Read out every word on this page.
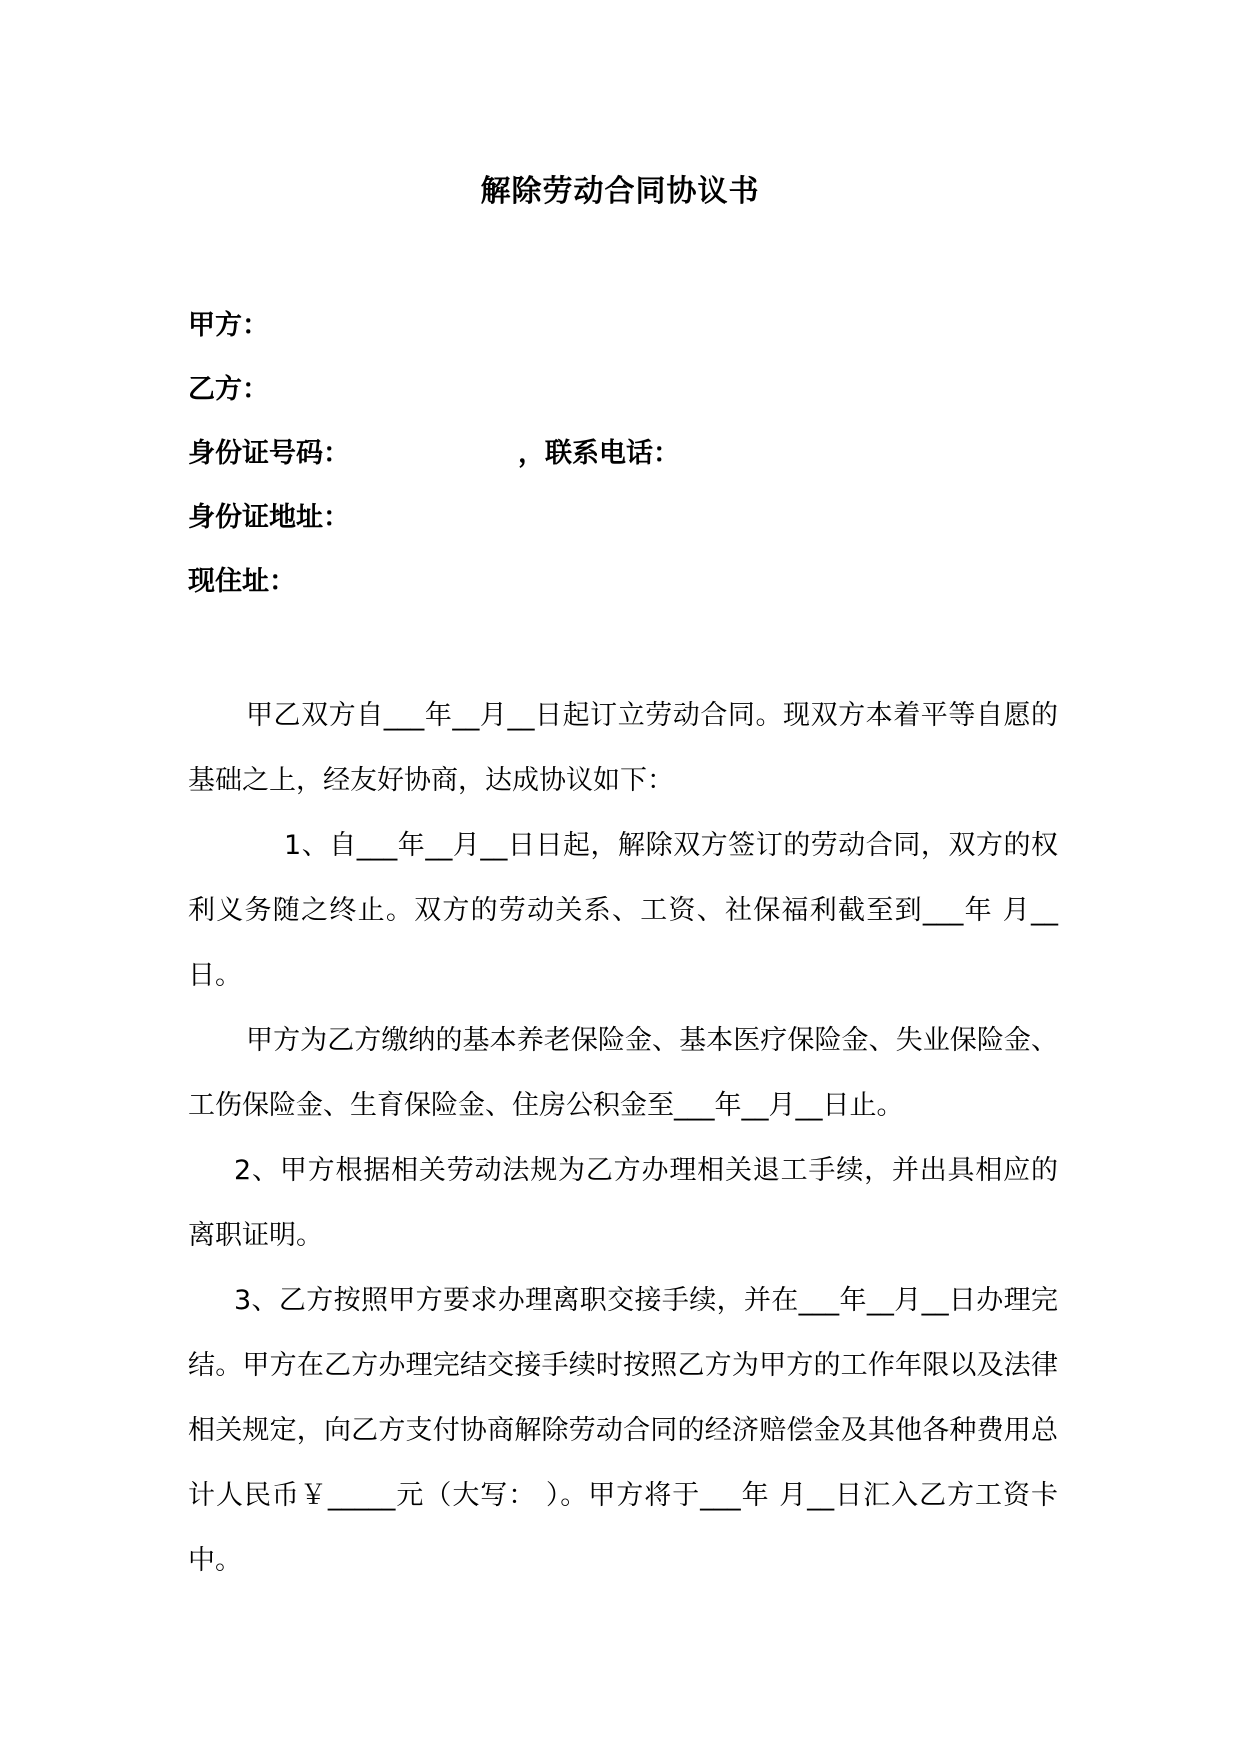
解除劳动合同协议书
甲方：
乙方：
身份证号码：	，联系电话：
身份证地址：
现住址：

甲乙双方自___年__月__日起订立劳动合同。现双方本着平等自愿的基础之上，经友好协商，达成协议如下：

1、自___年__月__日日起，解除双方签订的劳动合同，双方的权利义务随之终止。双方的劳动关系、工资、社保福利截至到___年 月__日。

甲方为乙方缴纳的基本养老保险金、基本医疗保险金、失业保险金、工伤保险金、生育保险金、住房公积金至___年__月__日止。

2、甲方根据相关劳动法规为乙方办理相关退工手续，并出具相应的离职证明。

3、乙方按照甲方要求办理离职交接手续，并在___年__月__日办理完结。甲方在乙方办理完结交接手续时按照乙方为甲方的工作年限以及法律相关规定，向乙方支付协商解除劳动合同的经济赔偿金及其他各种费用总计人民币￥_____元（大写： ）。甲方将于___年 月__日汇入乙方工资卡中。
